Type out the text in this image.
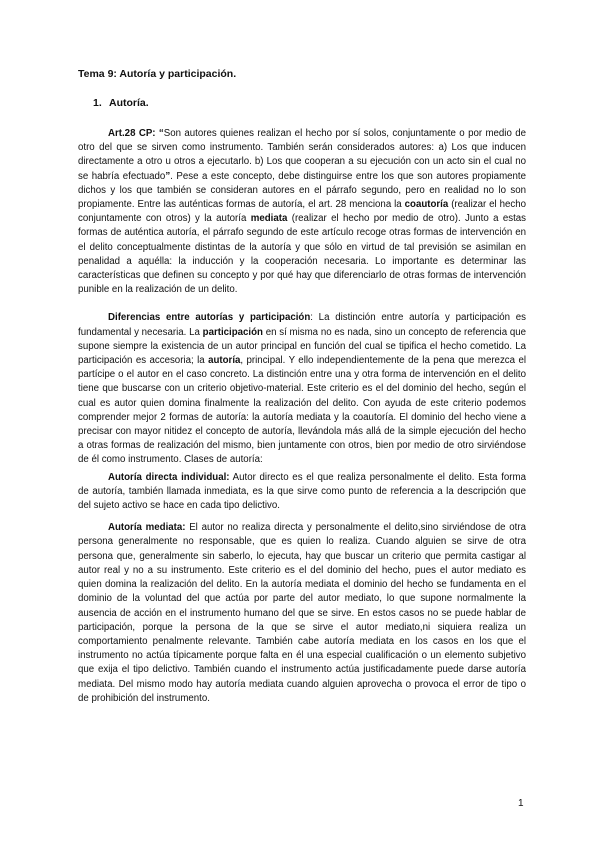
Tema 9: Autoría y participación.
1. Autoría.

Art.28 CP: “Son autores quienes realizan el hecho por sí solos, conjuntamente o por medio de otro del que se sirven como instrumento. También serán considerados autores: a) Los que inducen directamente a otro u otros a ejecutarlo. b) Los que cooperan a su ejecución con un acto sin el cual no se habría efectuado”. Pese a este concepto, debe distinguirse entre los que son autores propiamente dichos y los que también se consideran autores en el párrafo segundo, pero en realidad no lo son propiamente. Entre las auténticas formas de autoría, el art. 28 menciona la coautoría (realizar el hecho conjuntamente con otros) y la autoría mediata (realizar el hecho por medio de otro). Junto a estas formas de auténtica autoría, el párrafo segundo de este artículo recoge otras formas de intervención en el delito conceptualmente distintas de la autoría y que sólo en virtud de tal previsión se asimilan en penalidad a aquélla: la inducción y la cooperación necesaria. Lo importante es determinar las características que definen su concepto y por qué hay que diferenciarlo de otras formas de intervención punible en la realización de un delito.

Diferencias entre autorías y participación: La distinción entre autoría y participación es fundamental y necesaria. La participación en sí misma no es nada, sino un concepto de referencia que supone siempre la existencia de un autor principal en función del cual se tipifica el hecho cometido. La participación es accesoria; la autoría, principal. Y ello independientemente de la pena que merezca el partícipe o el autor en el caso concreto. La distinción entre una y otra forma de intervención en el delito tiene que buscarse con un criterio objetivo-material. Este criterio es el del dominio del hecho, según el cual es autor quien domina finalmente la realización del delito. Con ayuda de este criterio podemos comprender mejor 2 formas de autoría: la autoría mediata y la coautoría. El dominio del hecho viene a precisar con mayor nitidez el concepto de autoría, llevándola más allá de la simple ejecución del hecho a otras formas de realización del mismo, bien juntamente con otros, bien por medio de otro sirviéndose de él como instrumento. Clases de autoría:

Autoría directa individual: Autor directo es el que realiza personalmente el delito. Esta forma de autoría, también llamada inmediata, es la que sirve como punto de referencia a la descripción que del sujeto activo se hace en cada tipo delictivo.

Autoría mediata: El autor no realiza directa y personalmente el delito,sino sirviéndose de otra persona generalmente no responsable, que es quien lo realiza. Cuando alguien se sirve de otra persona que, generalmente sin saberlo, lo ejecuta, hay que buscar un criterio que permita castigar al autor real y no a su instrumento. Este criterio es el del dominio del hecho, pues el autor mediato es quien domina la realización del delito. En la autoría mediata el dominio del hecho se fundamenta en el dominio de la voluntad del que actúa por parte del autor mediato, lo que supone normalmente la ausencia de acción en el instrumento humano del que se sirve. En estos casos no se puede hablar de participación, porque la persona de la que se sirve el autor mediato,ni siquiera realiza un comportamiento penalmente relevante. También cabe autoría mediata en los casos en los que el instrumento no actúa típicamente porque falta en él una especial cualificación o un elemento subjetivo que exija el tipo delictivo. También cuando el instrumento actúa justificadamente puede darse autoría mediata. Del mismo modo hay autoría mediata cuando alguien aprovecha o provoca el error de tipo o de prohibición del instrumento.

1
